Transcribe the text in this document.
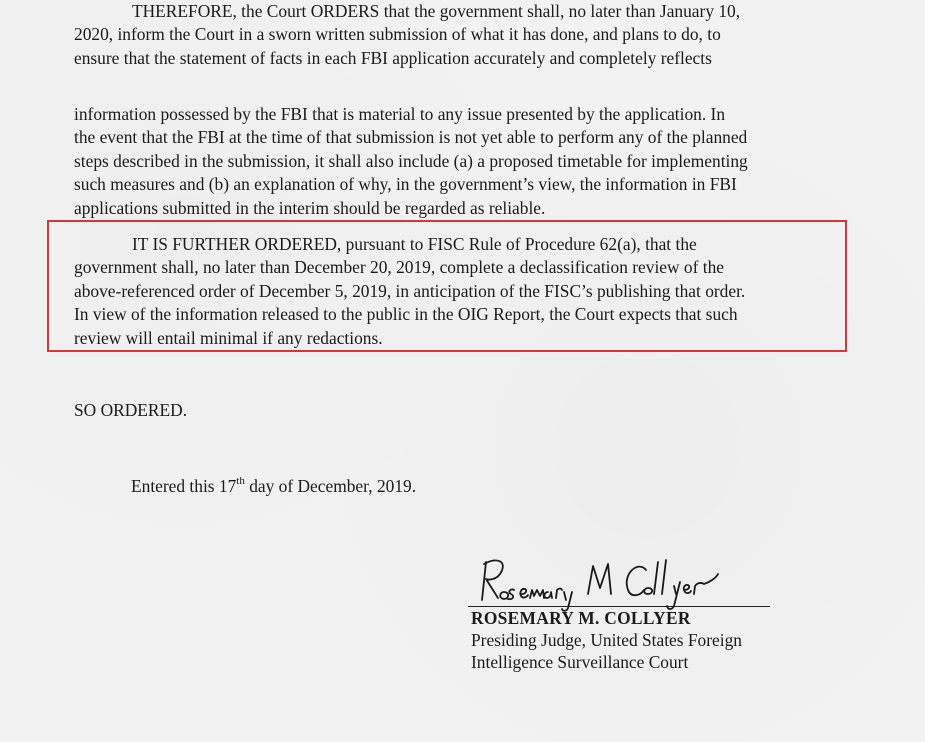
THEREFORE, the Court ORDERS that the government shall, no later than January 10,
2020, inform the Court in a sworn written submission of what it has done, and plans to do, to
ensure that the statement of facts in each FBI application accurately and completely reflects
information possessed by the FBI that is material to any issue presented by the application. In
the event that the FBI at the time of that submission is not yet able to perform any of the planned
steps described in the submission, it shall also include (a) a proposed timetable for implementing
such measures and (b) an explanation of why, in the government’s view, the information in FBI
applications submitted in the interim should be regarded as reliable.
IT IS FURTHER ORDERED, pursuant to FISC Rule of Procedure 62(a), that the
government shall, no later than December 20, 2019, complete a declassification review of the
above-referenced order of December 5, 2019, in anticipation of the FISC’s publishing that order.
In view of the information released to the public in the OIG Report, the Court expects that such
review will entail minimal if any redactions.
SO ORDERED.
Entered this 17th day of December, 2019.
ROSEMARY M. COLLYER
Presiding Judge, United States Foreign
Intelligence Surveillance Court
